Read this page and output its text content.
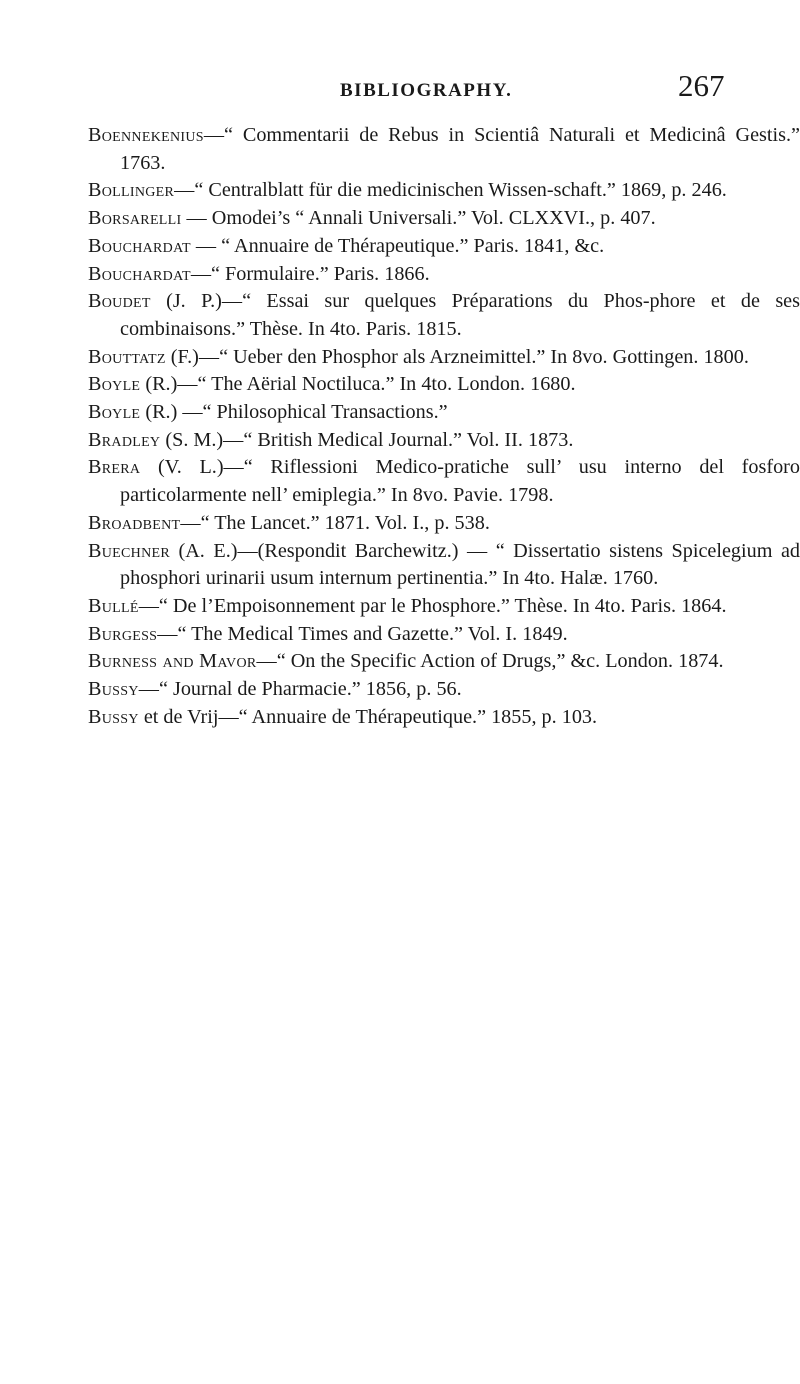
BIBLIOGRAPHY.	267

Boennekenius—“ Commentarii de Rebus in Scientiâ Naturali et Medicinâ Gestis.” 1763.

Bollinger—“ Centralblatt für die medicinischen Wissen-schaft.” 1869, p. 246.

Borsarelli — Omodei’s “ Annali Universali.” Vol. CLXXVI., p. 407.

Bouchardat — “ Annuaire de Thérapeutique.” Paris. 1841, &c.

Bouchardat—“ Formulaire.” Paris. 1866.

Boudet (J. P.)—“ Essai sur quelques Préparations du Phos-phore et de ses combinaisons.” Thèse. In 4to. Paris. 1815.

Bouttatz (F.)—“ Ueber den Phosphor als Arzneimittel.” In 8vo. Gottingen. 1800.

Boyle (R.)—“ The Aërial Noctiluca.” In 4to. London. 1680.

Boyle (R.) —“ Philosophical Transactions.”

Bradley (S. M.)—“ British Medical Journal.” Vol. II. 1873.

Brera (V. L.)—“ Riflessioni Medico-pratiche sull’ usu interno del fosforo particolarmente nell’ emiplegia.” In 8vo. Pavie. 1798.

Broadbent—“ The Lancet.” 1871. Vol. I., p. 538.

Buechner (A. E.)—(Respondit Barchewitz.) — “ Dissertatio sistens Spicelegium ad phosphori urinarii usum internum pertinentia.” In 4to. Halæ. 1760.

Bullé—“ De l’Empoisonnement par le Phosphore.” Thèse. In 4to. Paris. 1864.

Burgess—“ The Medical Times and Gazette.” Vol. I. 1849.

Burness and Mavor—“ On the Specific Action of Drugs,” &c. London. 1874.

Bussy—“ Journal de Pharmacie.” 1856, p. 56.

Bussy et de Vrij—“ Annuaire de Thérapeutique.” 1855, p. 103.
